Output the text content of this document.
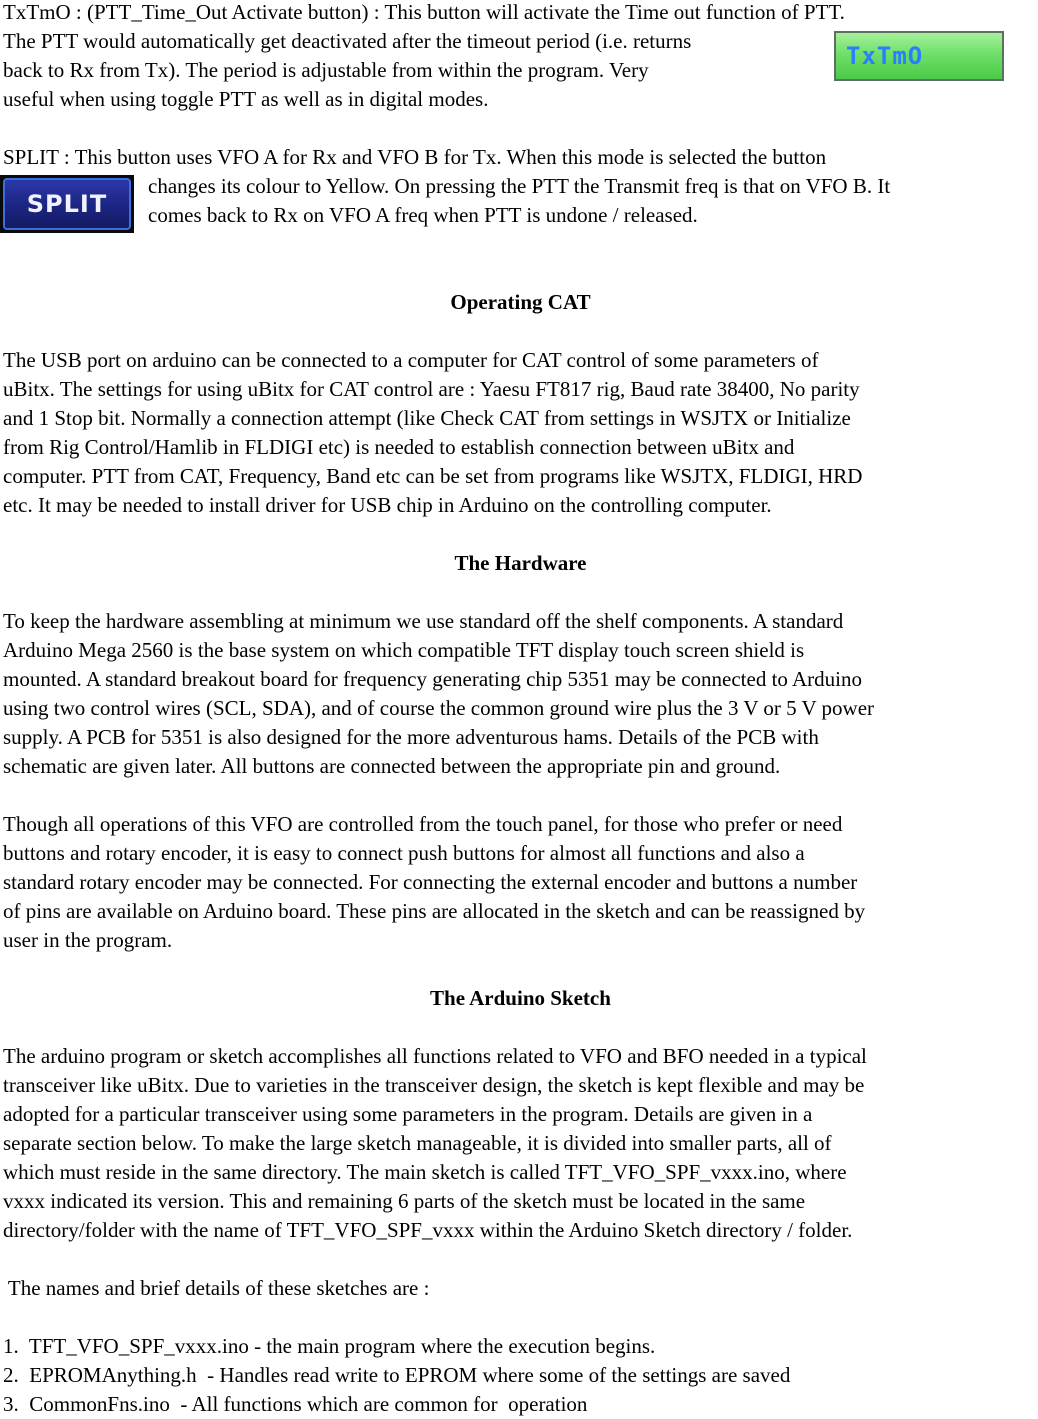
TxTmO : (PTT_Time_Out Activate button) : This button will activate the Time out function of PTT.

The PTT would automatically get deactivated after the timeout period (i.e. returns

back to Rx from Tx). The period is adjustable from within the program. Very

useful when using toggle PTT as well as in digital modes.

TxTmO

SPLIT : This button uses VFO A for Rx and VFO B for Tx. When this mode is selected the button

changes its colour to Yellow. On pressing the PTT the Transmit freq is that on VFO B. It

comes back to Rx on VFO A freq when PTT is undone / released.

SPLIT

Operating CAT

The USB port on arduino can be connected to a computer for CAT control of some parameters of

uBitx. The settings for using uBitx for CAT control are : Yaesu FT817 rig, Baud rate 38400, No parity

and 1 Stop bit. Normally a connection attempt (like Check CAT from settings in WSJTX or Initialize

from Rig Control/Hamlib in FLDIGI etc) is needed to establish connection between uBitx and

computer. PTT from CAT, Frequency, Band etc can be set from programs like WSJTX, FLDIGI, HRD

etc. It may be needed to install driver for USB chip in Arduino on the controlling computer.

The Hardware

To keep the hardware assembling at minimum we use standard off the shelf components. A standard

Arduino Mega 2560 is the base system on which compatible TFT display touch screen shield is

mounted. A standard breakout board for frequency generating chip 5351 may be connected to Arduino

using two control wires (SCL, SDA), and of course the common ground wire plus the 3 V or 5 V power

supply. A PCB for 5351 is also designed for the more adventurous hams. Details of the PCB with

schematic are given later. All buttons are connected between the appropriate pin and ground.

Though all operations of this VFO are controlled from the touch panel, for those who prefer or need

buttons and rotary encoder, it is easy to connect push buttons for almost all functions and also a

standard rotary encoder may be connected. For connecting the external encoder and buttons a number

of pins are available on Arduino board. These pins are allocated in the sketch and can be reassigned by

user in the program.

The Arduino Sketch

The arduino program or sketch accomplishes all functions related to VFO and BFO needed in a typical

transceiver like uBitx. Due to varieties in the transceiver design, the sketch is kept flexible and may be

adopted for a particular transceiver using some parameters in the program. Details are given in a

separate section below. To make the large sketch manageable, it is divided into smaller parts, all of

which must reside in the same directory. The main sketch is called TFT_VFO_SPF_vxxx.ino, where

vxxx indicated its version. This and remaining 6 parts of the sketch must be located in the same

directory/folder with the name of TFT_VFO_SPF_vxxx within the Arduino Sketch directory / folder.

The names and brief details of these sketches are :

1.  TFT_VFO_SPF_vxxx.ino - the main program where the execution begins.

2.  EPROMAnything.h  - Handles read write to EPROM where some of the settings are saved

3.  CommonFns.ino  - All functions which are common for  operation
